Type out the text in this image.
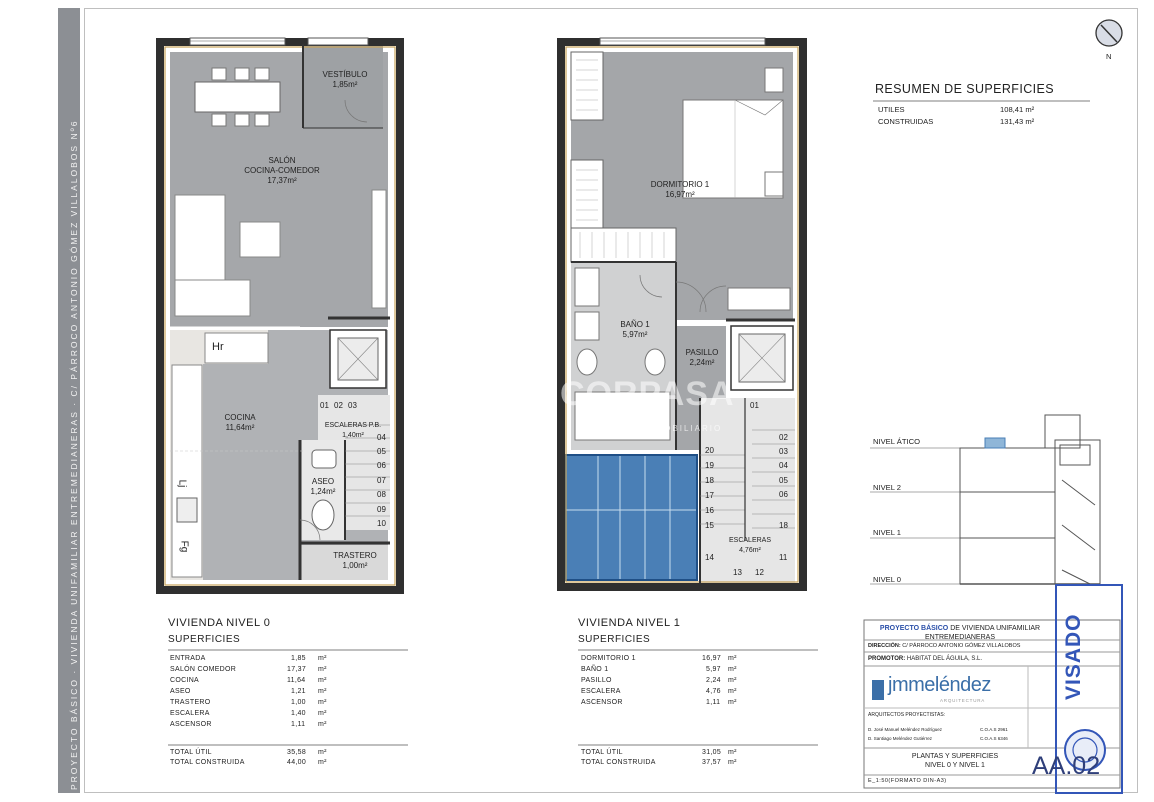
PROYECTO BÁSICO · VIVIENDA UNIFAMILIAR ENTREMEDIANERAS · C/ PÁRROCO ANTONIO GÓMEZ VILLALOBOS Nº6
N
RESUMEN DE SUPERFICIES
UTILES	108,41 m²
CONSTRUIDAS	131,43 m²
VESTÍBULO
1,85m²
SALÓN
COCINA-COMEDOR
17,37m²
Hr
COCINA
11,64m²	ESCALERAS P.B.
1,40m²
ASEO
1,24m²
TRASTERO
1,00m²
Lj
Fg
01 02 03
04
05
06
07
08
09
10
DORMITORIO 1
16,97m²
BAÑO 1
5,97m²
PASILLO
2,24m²
ESCALERAS
4,76m²
20
19
18
17
16
15
14
01
02
03
04
05
06
18
11
13 12
CORPASA
GRUPO INMOBILIARIO
VIVIENDA NIVEL 0
SUPERFICIES
ENTRADA	1,85 m²
SALÓN COMEDOR	17,37 m²
COCINA	11,64 m²
ASEO	1,21 m²
TRASTERO	1,00 m²
ESCALERA	1,40 m²
ASCENSOR	1,11 m²
TOTAL ÚTIL	35,58 m²
TOTAL CONSTRUIDA	44,00 m²
VIVIENDA NIVEL 1
SUPERFICIES
DORMITORIO 1	16,97 m²
BAÑO 1	5,97 m²
PASILLO	2,24 m²
ESCALERA	4,76 m²
ASCENSOR	1,11 m²
TOTAL ÚTIL	31,05 m²
TOTAL CONSTRUIDA	37,57 m²
NIVEL ÁTICO
NIVEL 2
NIVEL 1
NIVEL 0
PROYECTO BÁSICO DE VIVIENDA UNIFAMILIAR
ENTREMEDIANERAS
DIRECCIÓN: C/ PÁRROCO ANTONIO GÓMEZ VILLALOBOS
PROMOTOR: HABITAT DEL ÁGUILA, S.L.
jmmeléndez
ARQUITECTURA
ARQUITECTOS PROYECTISTAS:
D. José Manuel Meléndez Rodríguez	C.O.A.S 2961
D. Santiago Meléndez Gutiérrez	C.O.A.S 6346
PLANTAS Y SUPERFICIES
NIVEL 0 Y NIVEL 1
E_1:50(FORMATO DIN-A3)
AA.02
VISADO
